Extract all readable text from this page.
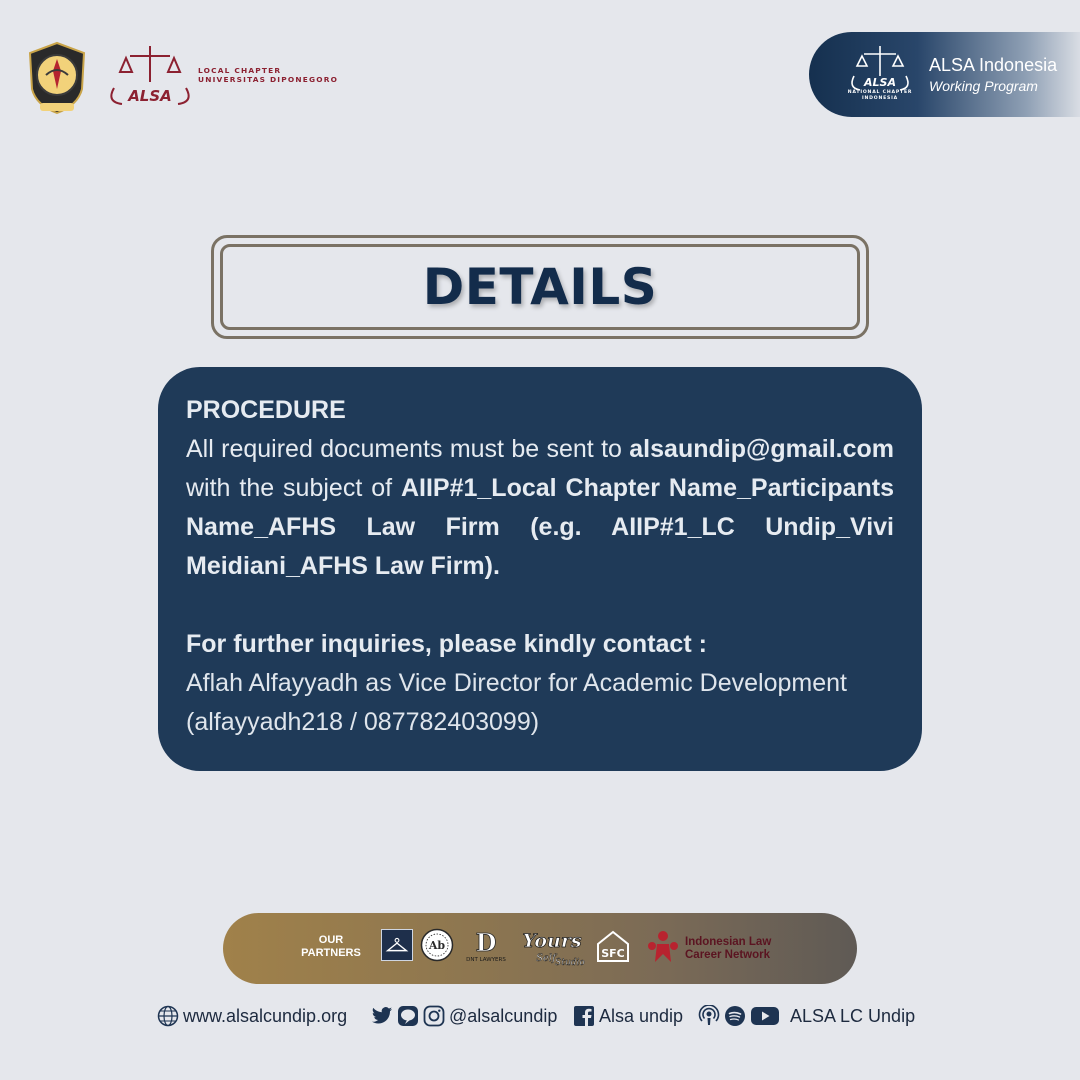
ALSA
LOCAL CHAPTER
UNIVERSITAS DIPONEGORO	ALSA
NATIONAL CHAPTER INDONESIA
ALSA Indonesia
Working Program
DETAILS
PROCEDURE
All required documents must be sent to alsaundip@gmail.com with the subject of AIIP#1_Local Chapter Name_Participants Name_AFHS Law Firm (e.g. AIIP#1_LC Undip_Vivi Meidiani_AFHS Law Firm).
For further inquiries, please kindly contact :
Aflah Alfayyadh as Vice Director for Academic Development
(alfayyadh218 / 087782403099)
OUR PARTNERS
Ab D
DNT LAWYERS
Yours
Self Studio
SFC
Indonesian Law
Career Network
www.alsalcundip.org	@alsalcundip Alsa undip	ALSA LC Undip
